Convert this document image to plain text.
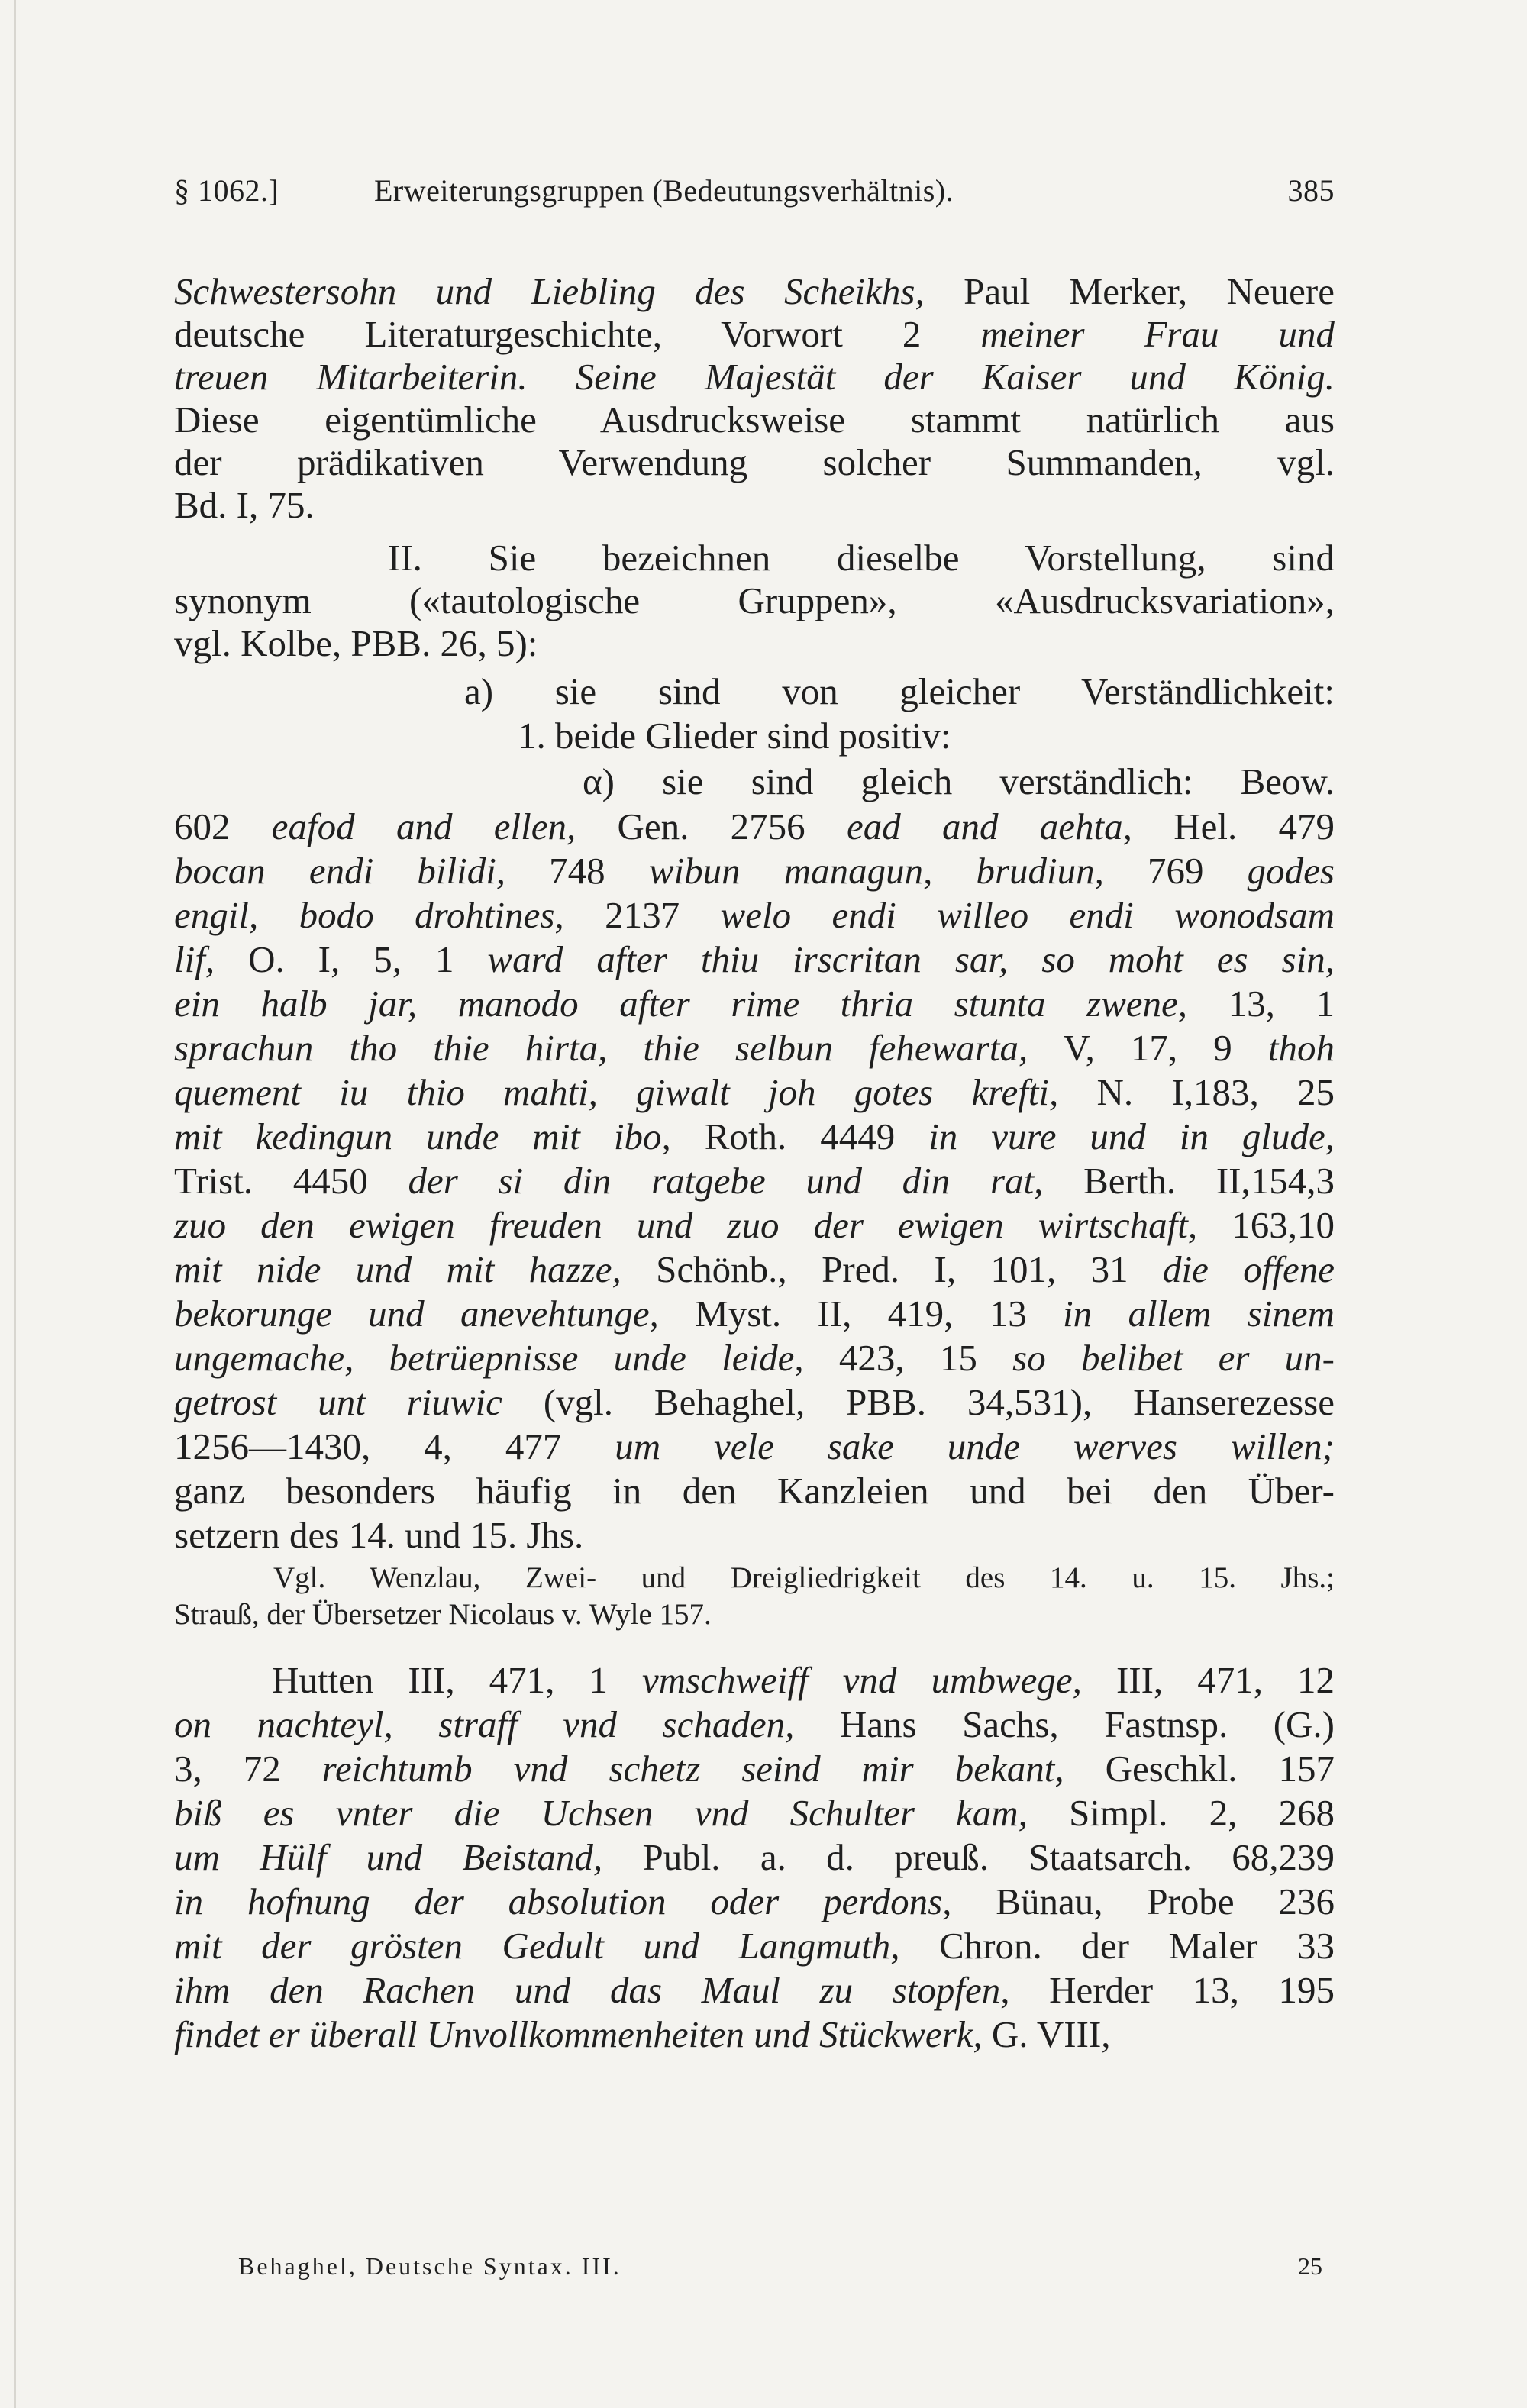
§ 1062.]	Erweiterungsgruppen (Bedeutungsverhältnis).	385
Schwestersohn und Liebling des Scheikhs, Paul Merker, Neuere
deutsche Literaturgeschichte, Vorwort 2 meiner Frau und
treuen Mitarbeiterin. Seine Majestät der Kaiser und König.
Diese eigentümliche Ausdrucksweise stammt natürlich aus
der prädikativen Verwendung solcher Summanden, vgl.
Bd. I, 75.
II. Sie bezeichnen dieselbe Vorstellung, sind
synonym («tautologische Gruppen», «Ausdrucksvariation»,
vgl. Kolbe, PBB. 26, 5):
a) sie sind von gleicher Verständlichkeit:
1. beide Glieder sind positiv:
α) sie sind gleich verständlich: Beow.
602 eafod and ellen, Gen. 2756 ead and aehta, Hel. 479
bocan endi bilidi, 748 wibun managun, brudiun, 769 godes
engil, bodo drohtines, 2137 welo endi willeo endi wonodsam
lif, O. I, 5, 1 ward after thiu irscritan sar, so moht es sin,
ein halb jar, manodo after rime thria stunta zwene, 13, 1
sprachun tho thie hirta, thie selbun fehewarta, V, 17, 9 thoh
quement iu thio mahti, giwalt joh gotes krefti, N. I,183, 25
mit kedingun unde mit ibo, Roth. 4449 in vure und in glude,
Trist. 4450 der si din ratgebe und din rat, Berth. II,154,3
zuo den ewigen freuden und zuo der ewigen wirtschaft, 163,10
mit nide und mit hazze, Schönb., Pred. I, 101, 31 die offene
bekorunge und anevehtunge, Myst. II, 419, 13 in allem sinem
ungemache, betrüepnisse unde leide, 423, 15 so belibet er un-
getrost unt riuwic (vgl. Behaghel, PBB. 34,531), Hanserezesse
1256—1430, 4, 477 um vele sake unde werves willen;
ganz besonders häufig in den Kanzleien und bei den Über-
setzern des 14. und 15. Jhs.
Vgl. Wenzlau, Zwei- und Dreigliedrigkeit des 14. u. 15. Jhs.;
Strauß, der Übersetzer Nicolaus v. Wyle 157.
Hutten III, 471, 1 vmschweiff vnd umbwege, III, 471, 12
on nachteyl, straff vnd schaden, Hans Sachs, Fastnsp. (G.)
3, 72 reichtumb vnd schetz seind mir bekant, Geschkl. 157
biß es vnter die Uchsen vnd Schulter kam, Simpl. 2, 268
um Hülf und Beistand, Publ. a. d. preuß. Staatsarch. 68,239
in hofnung der absolution oder perdons, Bünau, Probe 236
mit der grösten Gedult und Langmuth, Chron. der Maler 33
ihm den Rachen und das Maul zu stopfen, Herder 13, 195
findet er überall Unvollkommenheiten und Stückwerk, G. VIII,
Behaghel, Deutsche Syntax. III.	25
